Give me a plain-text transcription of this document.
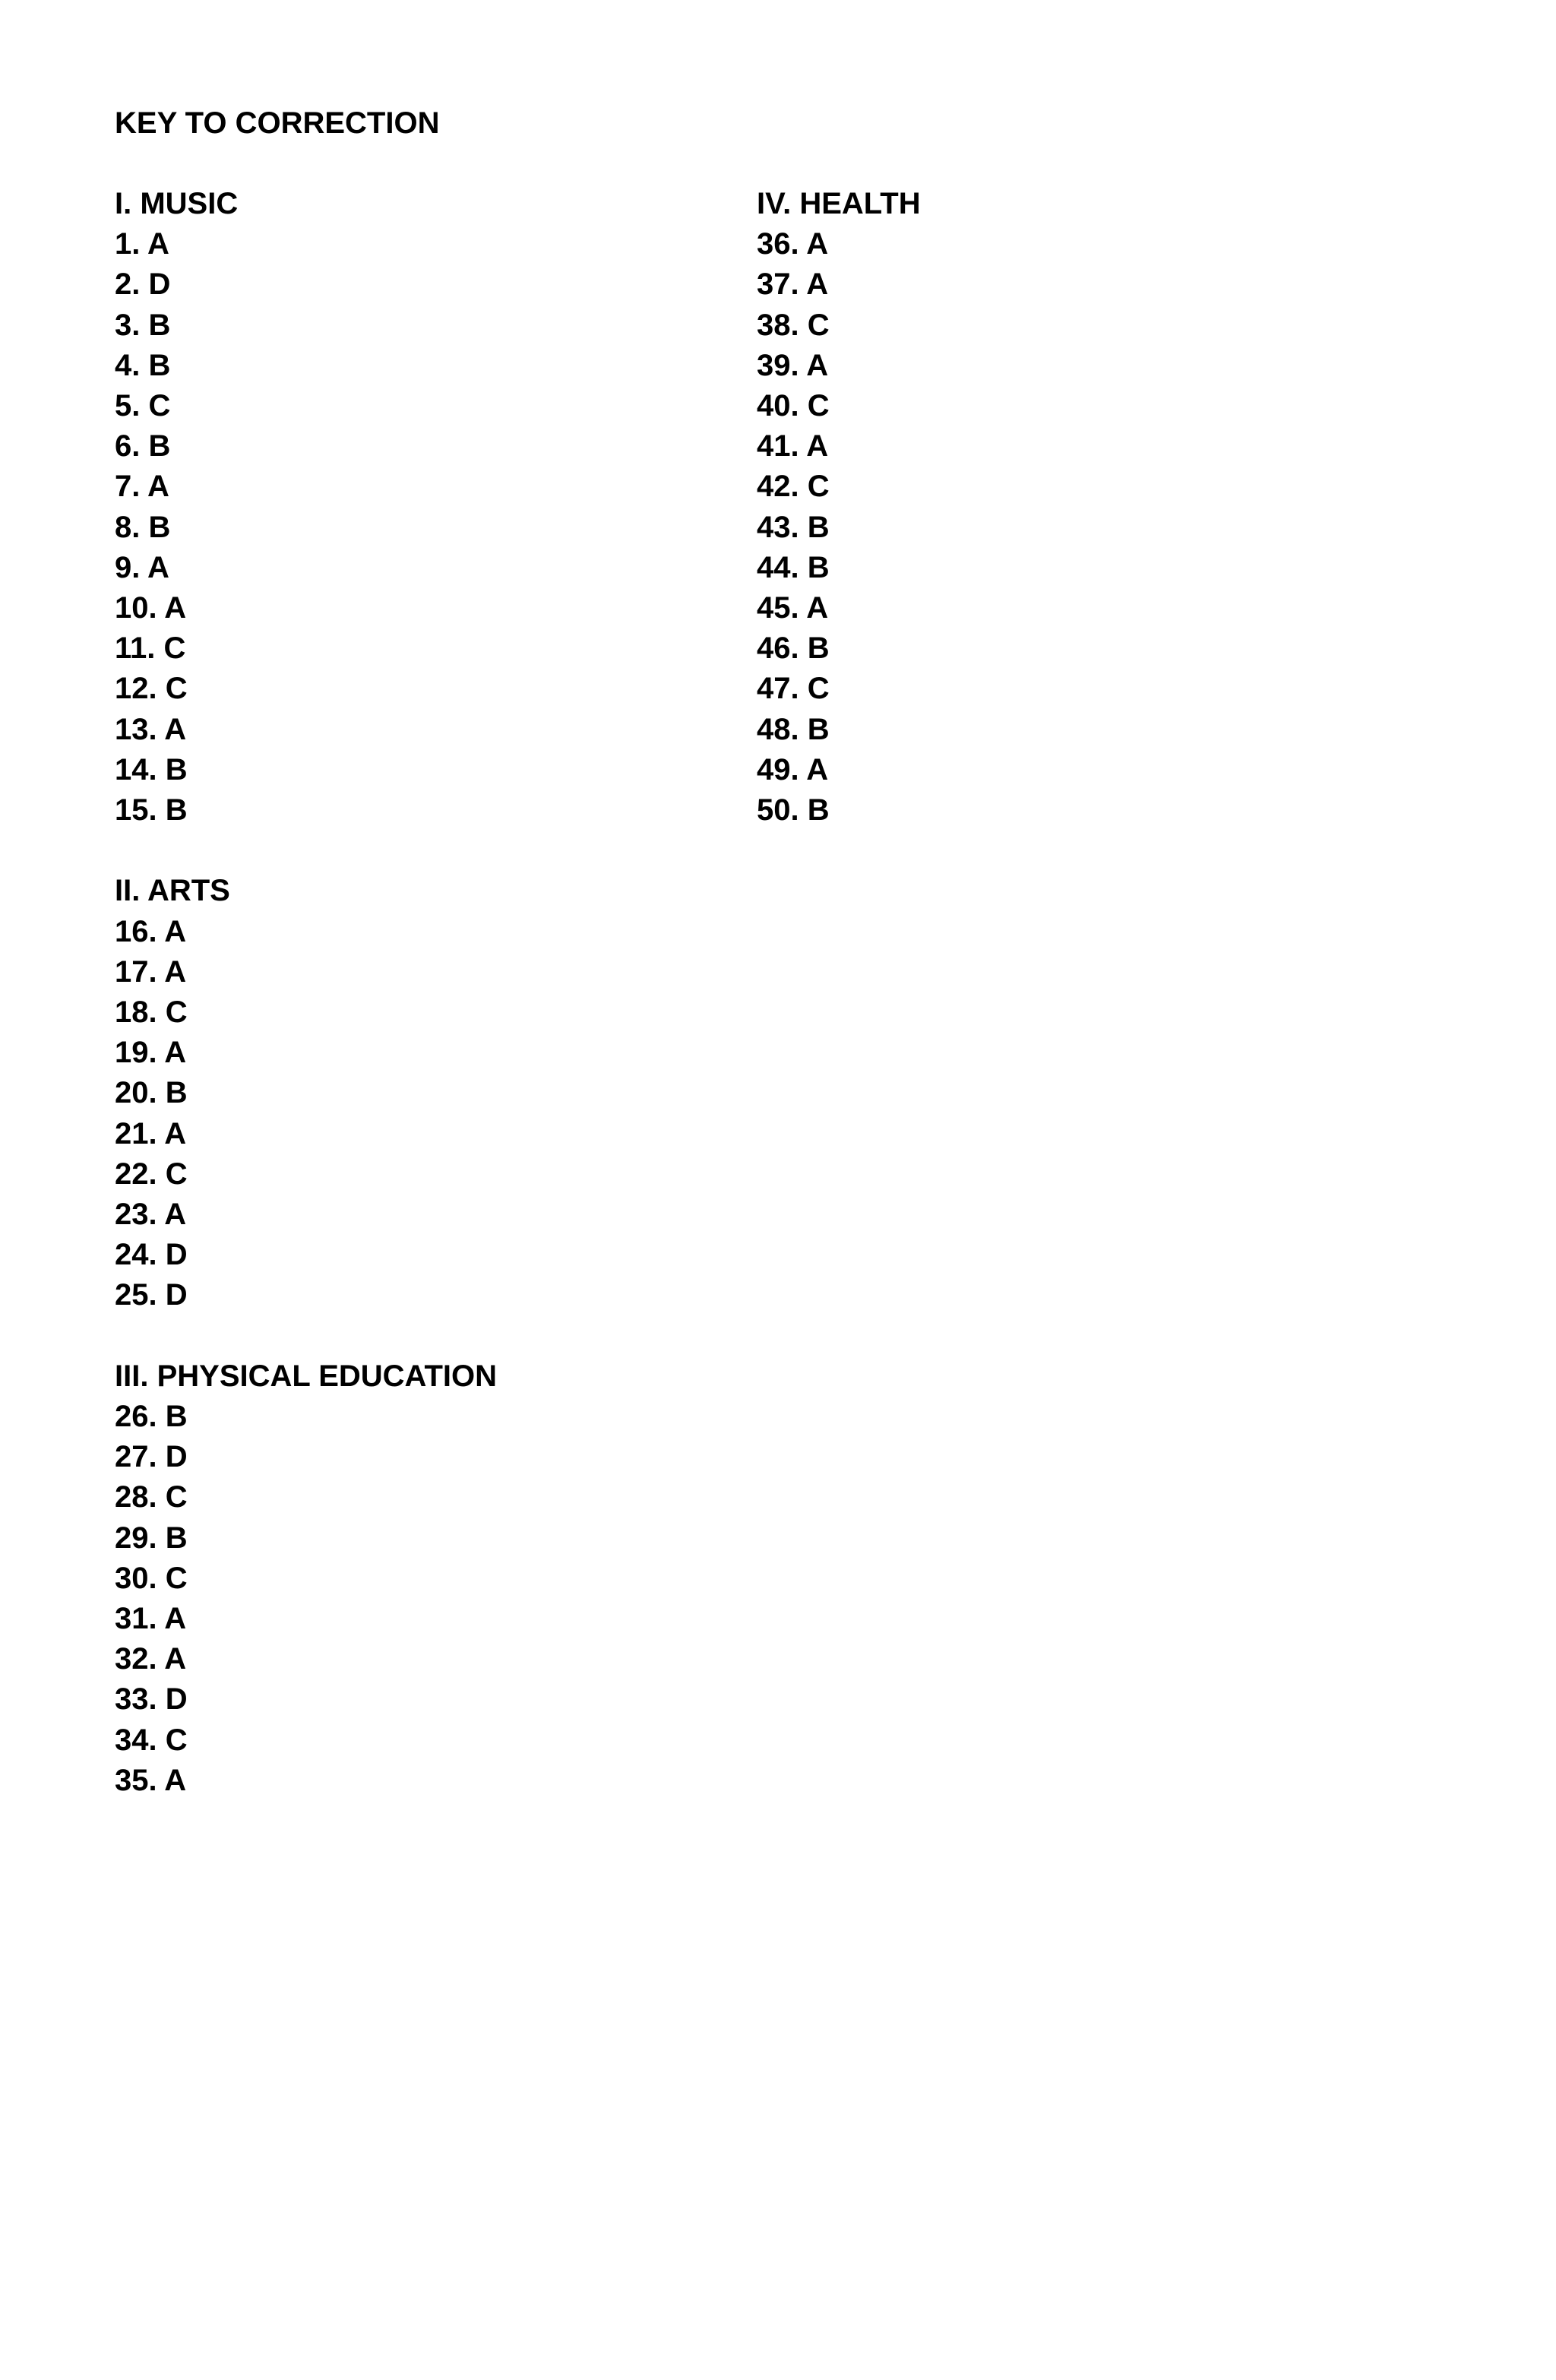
KEY TO CORRECTION
I. MUSIC
1. A
2. D
3. B
4. B
5. C
6. B
7. A
8. B
9. A
10. A
11. C
12. C
13. A
14. B
15. B
II. ARTS
16. A
17. A
18. C
19. A
20. B
21. A
22. C
23. A
24. D
25. D
III. PHYSICAL EDUCATION
26. B
27. D
28. C
29. B
30. C
31. A
32. A
33. D
34. C
35. A
IV. HEALTH
36. A
37. A
38. C
39. A
40. C
41. A
42. C
43. B
44. B
45. A
46. B
47. C
48. B
49. A
50. B
